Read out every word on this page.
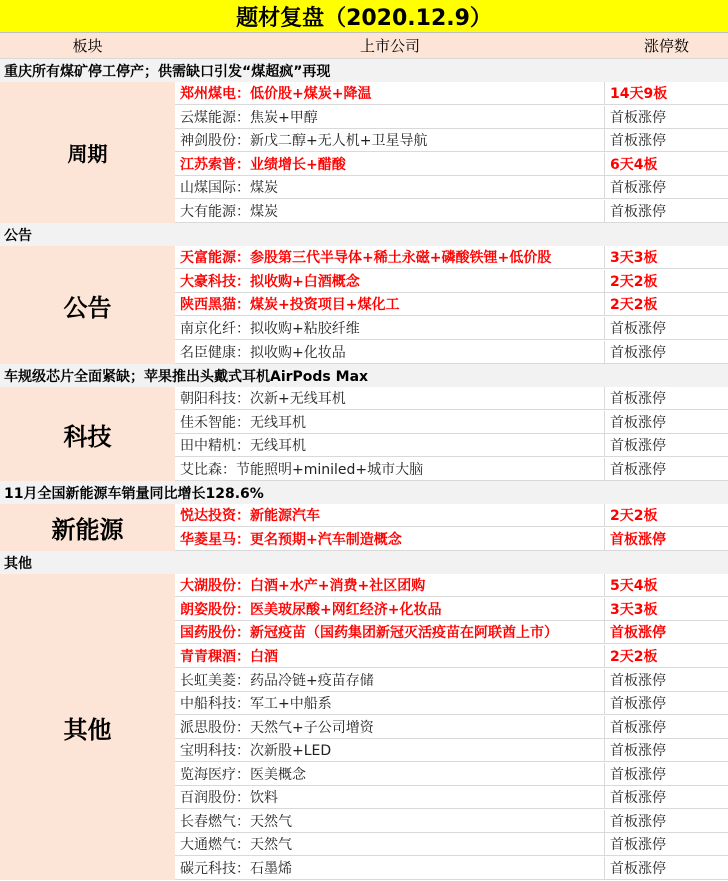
题材复盘（2020.12.9）
板块	上市公司	涨停数
重庆所有煤矿停工停产；供需缺口引发“煤超疯”再现
周期
郑州煤电：低价股+煤炭+降温	14天9板
云煤能源：焦炭+甲醇	首板涨停
神剑股份：新戊二醇+无人机+卫星导航	首板涨停
江苏索普：业绩增长+醋酸	6天4板
山煤国际：煤炭	首板涨停
大有能源：煤炭	首板涨停
公告
公告
天富能源：参股第三代半导体+稀土永磁+磷酸铁锂+低价股	3天3板
大豪科技：拟收购+白酒概念	2天2板
陕西黑猫：煤炭+投资项目+煤化工	2天2板
南京化纤：拟收购+粘胶纤维	首板涨停
名臣健康：拟收购+化妆品	首板涨停
车规级芯片全面紧缺；苹果推出头戴式耳机AirPods Max
科技
朝阳科技：次新+无线耳机	首板涨停
佳禾智能：无线耳机	首板涨停
田中精机：无线耳机	首板涨停
艾比森：节能照明+miniled+城市大脑	首板涨停
11月全国新能源车销量同比增长128.6%
新能源
悦达投资：新能源汽车	2天2板
华菱星马：更名预期+汽车制造概念	首板涨停
其他
其他
大湖股份：白酒+水产+消费+社区团购	5天4板
朗姿股份：医美玻尿酸+网红经济+化妆品	3天3板
国药股份：新冠疫苗（国药集团新冠灭活疫苗在阿联酋上市）	首板涨停
青青稞酒：白酒	2天2板
长虹美菱：药品冷链+疫苗存储	首板涨停
中船科技：军工+中船系	首板涨停
派思股份：天然气+子公司增资	首板涨停
宝明科技：次新股+LED	首板涨停
览海医疗：医美概念	首板涨停
百润股份：饮料	首板涨停
长春燃气：天然气	首板涨停
大通燃气：天然气	首板涨停
碳元科技：石墨烯	首板涨停
